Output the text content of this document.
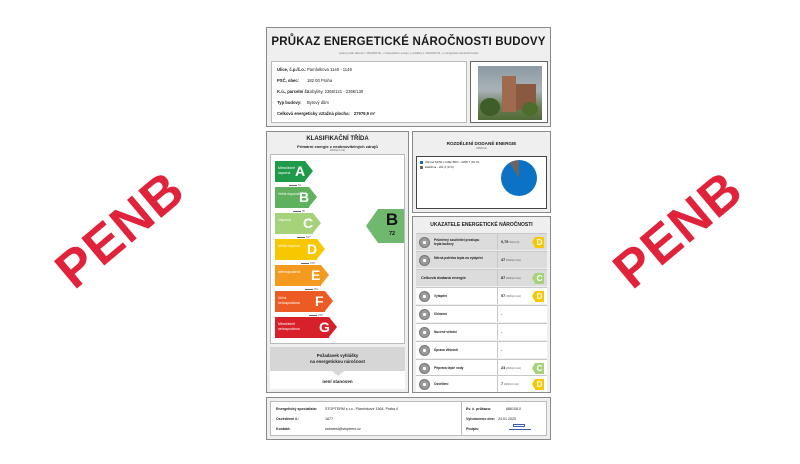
PENB	PENB
PRŮKAZ ENERGETICKÉ NÁROČNOSTI BUDOVY
vydaný podle zákona č. 406/2000 Sb., o hospodaření energií, a vyhlášky č. 264/2020 Sb., o energetické náročnosti budov
Ulice, č.p./č.o.:Pamfulkova 1140 - 1149
PSČ, obec: 182 00 Praha
K.ú., parcelní č.:Kobylisy, 2366/121 - 2366/130
Typ budovy: Bytový dům
Celková energeticky vztažná plocha: 27979,9 m²
KLASIFIKAČNÍ TŘÍDA
Primární energie z neobnovitelných zdrojů
kWh/(m².rok)
Mimořádně úsporná A
54
Velmi úsporná B
90
Úsporná C
107
Méně úsporná D
158
Nehospodárná E
201
Velmi nehospodárná	F
248
Mimořádně nehospodárná	G
B
72
Požadavek vyhlášky
na energetickou náročnost
není stanoven
ROZDĚLENÍ DODANÉ ENERGIE
MWh/rok
Účinná SZTE s OZE>80% - 2208,7 (91 %)
Elektřina - 221,3 (9 %)
UKAZATELE ENERGETICKÉ NÁROČNOSTI
Průměrný součinitel prostupu tepla budovy
0,75W/(m².K) D
Měrná potřeba tepla na vytápění	47kWh/(m².rok)
Celková dodaná energie	87kWh/(m².rok) C
Vytápění	57kWh/(m².rok) D
Chlazení	-
Nucené větrání	-
Úprava vlhkosti	-
Příprava teplé vody	23kWh/(m².rok) C
Osvětlení	7kWh/(m².rok) D
Energetický specialista: STOPTERM s.r.o., Plamínkové 1564, Praha 4
Osvědčení č.:	1877
Kontakt:	zaharesi@stopterm.cz
Ev. č. průkazu:	686108.0
Vyhotoveno dne: 24.01.2025
Podpis:
